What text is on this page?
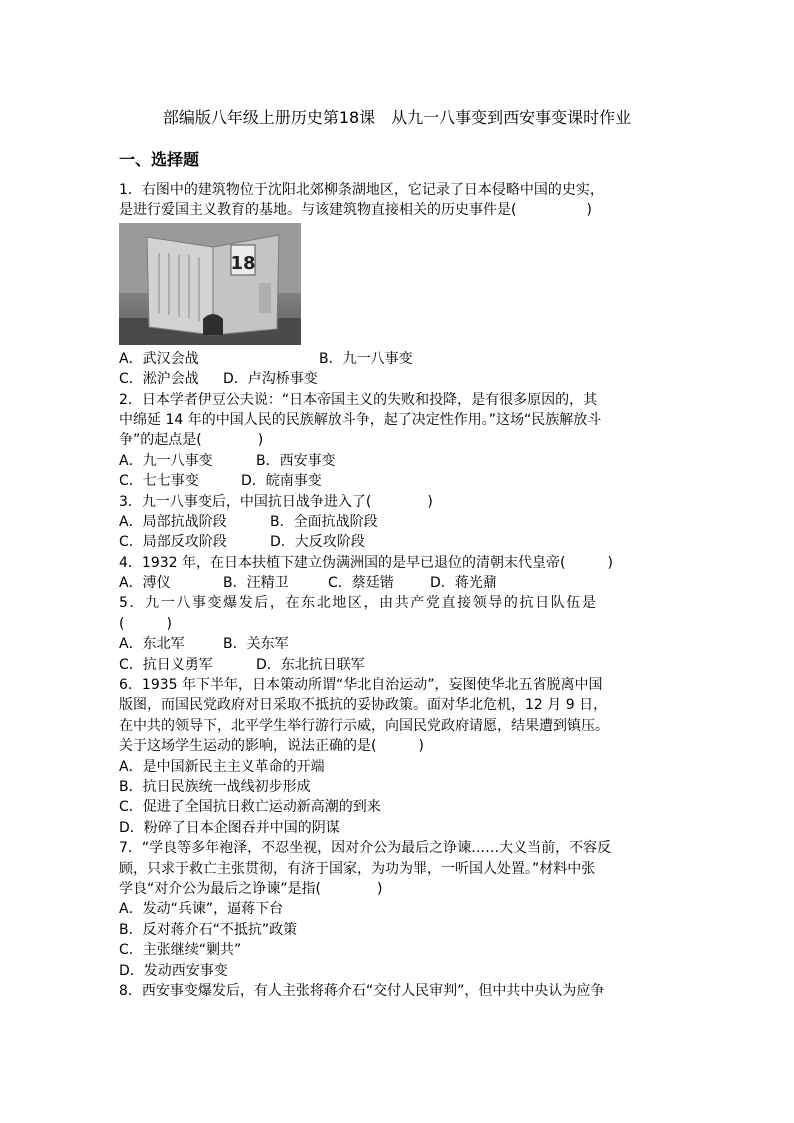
部编版八年级上册历史第18课　从九一八事变到西安事变课时作业
一、选择题
1．右图中的建筑物位于沈阳北郊柳条湖地区，它记录了日本侵略中国的史实，
是进行爱国主义教育的基地。与该建筑物直接相关的历史事件是(　　　　　)
18
A．武汉会战	B．九一八事变
C．淞沪会战 D．卢沟桥事变
2．日本学者伊豆公夫说：“日本帝国主义的失败和投降，是有很多原因的，其
中绵延 14 年的中国人民的民族解放斗争，起了决定性作用。”这场“民族解放斗
争”的起点是(　　　　)
A．九一八事变	B．西安事变
C．七七事变	D．皖南事变
3．九一八事变后，中国抗日战争进入了(　　　　)
A．局部抗战阶段	B．全面抗战阶段
C．局部反攻阶段	D．大反攻阶段
4．1932 年，在日本扶植下建立伪满洲国的是早已退位的清朝末代皇帝(　　　)
A．溥仪	B．汪精卫	C．蔡廷锴	D．蒋光鼐
5．九一八事变爆发后，在东北地区，由共产党直接领导的抗日队伍是
(　　　)
A．东北军	B．关东军
C．抗日义勇军	D．东北抗日联军
6．1935 年下半年，日本策动所谓“华北自治运动”，妄图使华北五省脱离中国
版图，而国民党政府对日采取不抵抗的妥协政策。面对华北危机，12 月 9 日，
在中共的领导下，北平学生举行游行示威，向国民党政府请愿，结果遭到镇压。
关于这场学生运动的影响，说法正确的是(　　　)
A．是中国新民主主义革命的开端
B．抗日民族统一战线初步形成
C．促进了全国抗日救亡运动新高潮的到来
D．粉碎了日本企图吞并中国的阴谋
7．“学良等多年袍泽，不忍坐视，因对介公为最后之诤谏……大义当前，不容反
顾，只求于救亡主张贯彻，有济于国家，为功为罪，一听国人处置。”材料中张
学良“对介公为最后之诤谏”是指(　　　　)
A．发动“兵谏”，逼蒋下台
B．反对蒋介石“不抵抗”政策
C．主张继续“剿共”
D．发动西安事变
8．西安事变爆发后，有人主张将蒋介石“交付人民审判”，但中共中央认为应争
